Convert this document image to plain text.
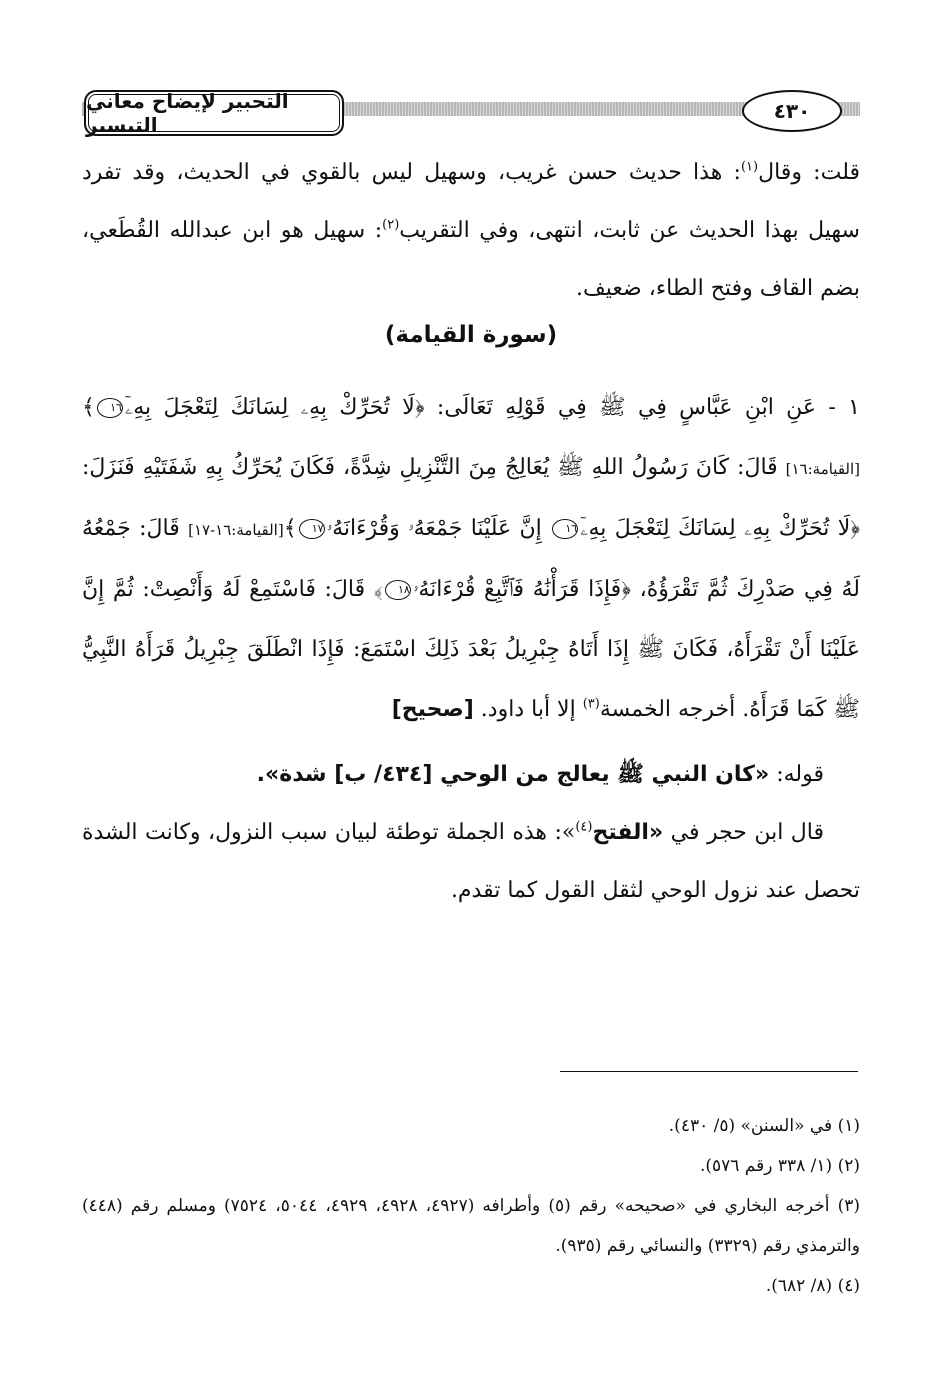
التحبير لإيضاح معاني التيسير
٤٣٠

قلت: وقال$^{(١)}$: هذا حديث حسن غريب، وسهيل ليس بالقوي في الحديث، وقد تفرد سهيل بهذا الحديث عن ثابت، انتهى، وفي التقريب$^{(٢)}$: سهيل هو ابن عبدالله القُطَعي، بضم القاف وفتح الطاء، ضعيف.

(سورة القيامة)

١ - عَنِ ابْنِ عَبَّاسٍ فِي ﷺ فِي قَوْلِهِ تَعَالَى: ﴿لَا تُحَرِّكْ بِهِۦ لِسَانَكَ لِتَعْجَلَ بِهِۦٓ١٦﴾ [القيامة:١٦] قَالَ: كَانَ رَسُولُ اللهِ ﷺ يُعَالِجُ مِنَ التَّنْزِيلِ شِدَّةً، فَكَانَ يُحَرِّكُ بِهِ شَفَتَيْهِ فَنَزَلَ: ﴿لَا تُحَرِّكْ بِهِۦ لِسَانَكَ لِتَعْجَلَ بِهِۦٓ١٦ إِنَّ عَلَيْنَا جَمْعَهُۥ وَقُرْءَانَهُۥ١٧﴾[القيامة:١٦-١٧] قَالَ: جَمْعُهُ لَهُ فِي صَدْرِكَ ثُمَّ تَقْرَؤُهُ، ﴿فَإِذَا قَرَأْنَٰهُ فَٱتَّبِعْ قُرْءَانَهُۥ١٨﴾ قَالَ: فَاسْتَمِعْ لَهُ وَأَنْصِتْ: ثُمَّ إِنَّ عَلَيْنَا أَنْ تَقْرَأَهُ، فَكَانَ ﷺ إِذَا أَتَاهُ جِبْرِيلُ بَعْدَ ذَلِكَ اسْتَمَعَ: فَإِذَا انْطَلَقَ جِبْرِيلُ قَرَأَهُ النَّبِيُّ ﷺ كَمَا قَرَأَهُ. أخرجه الخمسة$^{(٣)}$ إلا أبا داود. [صحيح]

قوله: «كان النبي ﷺ يعالج من الوحي [٤٣٤/ ب] شدة».

قال ابن حجر في «الفتح$^{(٤)}$»: هذه الجملة توطئة لبيان سبب النزول، وكانت الشدة تحصل عند نزول الوحي لثقل القول كما تقدم.

(١) في «السنن» (٥/ ٤٣٠).

(٢) (١/ ٣٣٨ رقم ٥٧٦).

(٣) أخرجه البخاري في «صحيحه» رقم (٥) وأطرافه (٤٩٢٧، ٤٩٢٨، ٤٩٢٩، ٥٠٤٤، ٧٥٢٤) ومسلم رقم (٤٤٨) والترمذي رقم (٣٣٢٩) والنسائي رقم (٩٣٥).

(٤) (٨/ ٦٨٢).
